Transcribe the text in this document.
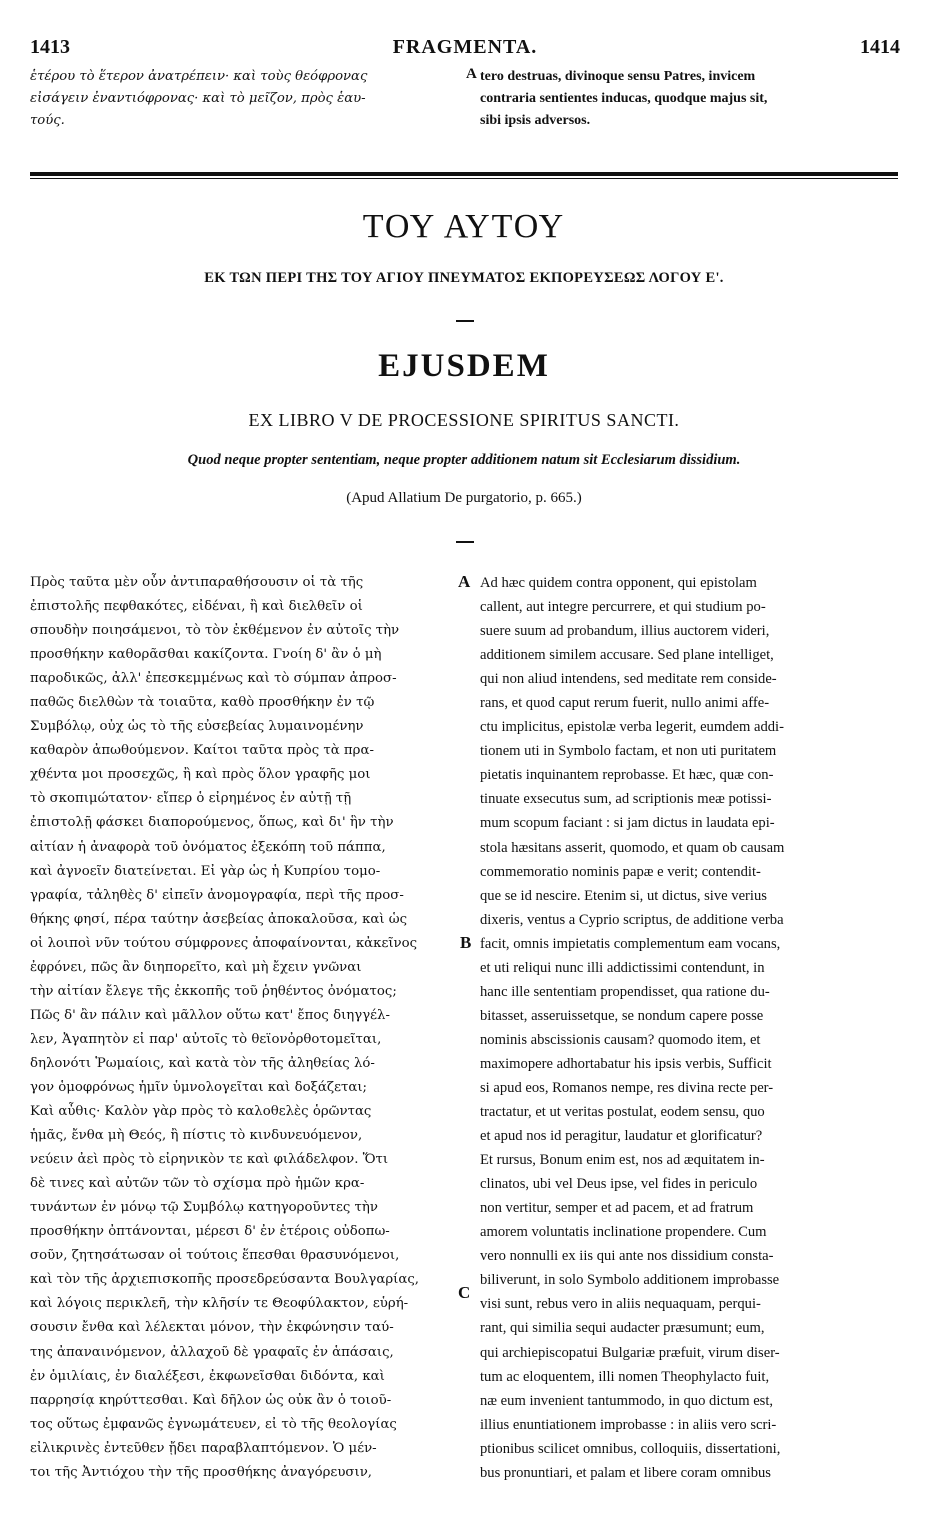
1413	FRAGMENTA.	1414
ἑτέρου τὸ ἕτερον ἀνατρέπειν· καὶ τοὺς θεόφρονας
εἰσάγειν ἐναντιόφρονας· καὶ τὸ μεῖζον, πρὸς ἑαυ-
τούς.
A tero destruas, divinoque sensu Patres, invicem
contraria sentientes inducas, quodque majus sit,
sibi ipsis adversos.
ΤΟΥ ΑΥΤΟΥ
ΕΚ ΤΩΝ ΠΕΡΙ ΤΗΣ ΤΟΥ ΑΓΙΟΥ ΠΝΕΥΜΑΤΟΣ ΕΚΠΟΡΕΥΣΕΩΣ ΛΟΓΟΥ Ε'.
EJUSDEM
EX LIBRO V DE PROCESSIONE SPIRITUS SANCTI.
Quod neque propter sententiam, neque propter additionem natum sit Ecclesiarum dissidium.
(Apud Allatium De purgatorio, p. 665.)
Πρὸς ταῦτα μὲν οὖν ἀντιπαραθήσουσιν οἱ τὰ τῆς
ἐπιστολῆς πεφθακότες, εἰδέναι, ἢ καὶ διελθεῖν οἱ
σπουδὴν ποιησάμενοι, τὸ τὸν ἐκθέμενον ἐν αὐτοῖς τὴν
προσθήκην καθορᾶσθαι κακίζοντα. Γνοίη δ' ἂν ὁ μὴ
παροδικῶς, ἀλλ' ἐπεσκεμμένως καὶ τὸ σύμπαν ἀπροσ-
παθῶς διελθὼν τὰ τοιαῦτα, καθὸ προσθήκην ἐν τῷ
Συμβόλῳ, οὐχ ὡς τὸ τῆς εὐσεβείας λυμαινομένην
καθαρὸν ἀπωθούμενον. Καίτοι ταῦτα πρὸς τὰ πρα-
χθέντα μοι προσεχῶς, ἢ καὶ πρὸς ὅλον γραφῆς μοι
τὸ σκοπιμώτατον· εἴπερ ὁ εἰρημένος ἐν αὐτῇ τῇ
ἐπιστολῇ φάσκει διαπορούμενος, ὅπως, καὶ δι' ἣν τὴν
αἰτίαν ἡ ἀναφορὰ τοῦ ὀνόματος ἐξεκόπη τοῦ πάππα,
καὶ ἀγνοεῖν διατείνεται. Εἰ γὰρ ὡς ἡ Κυπρίου τομο-
γραφία, τἀληθὲς δ' εἰπεῖν ἀνομογραφία, περὶ τῆς προσ-
θήκης φησί, πέρα ταύτην ἀσεβείας ἀποκαλοῦσα, καὶ ὡς
οἱ λοιποὶ νῦν τούτου σύμφρονες ἀποφαίνονται, κἀκεῖνος
ἐφρόνει, πῶς ἂν διηπορεῖτο, καὶ μὴ ἔχειν γνῶναι
τὴν αἰτίαν ἔλεγε τῆς ἐκκοπῆς τοῦ ῥηθέντος ὀνόματος;
Πῶς δ' ἂν πάλιν καὶ μᾶλλον οὕτω κατ' ἔπος διηγγέλ-
λεν, Ἀγαπητὸν εἰ παρ' αὐτοῖς τὸ θεϊονὀρθοτομεῖται,
δηλονότι Ῥωμαίοις, καὶ κατὰ τὸν τῆς ἀληθείας λό-
γον ὁμοφρόνως ἡμῖν ὑμνολογεῖται καὶ δοξάζεται;
Καὶ αὖθις· Καλὸν γὰρ πρὸς τὸ καλοθελὲς ὁρῶντας
ἡμᾶς, ἔνθα μὴ Θεός, ἢ πίστις τὸ κινδυνευόμενον,
νεύειν ἀεὶ πρὸς τὸ εἰρηνικὸν τε καὶ φιλάδελφον. Ὅτι
δὲ τινες καὶ αὐτῶν τῶν τὸ σχίσμα πρὸ ἡμῶν κρα-
τυνάντων ἐν μόνῳ τῷ Συμβόλῳ κατηγοροῦντες τὴν
προσθήκην ὀπτάνονται, μέρεσι δ' ἐν ἑτέροις οὐδοπω-
σοῦν, ζητησάτωσαν οἱ τούτοις ἕπεσθαι θρασυνόμενοι,
καὶ τὸν τῆς ἀρχιεπισκοπῆς προσεδρεύσαντα Βουλγαρίας,
καὶ λόγοις περικλεῆ, τὴν κλῆσίν τε Θεοφύλακτον, εὑρή-
σουσιν ἔνθα καὶ λέλεκται μόνον, τὴν ἐκφώνησιν ταύ-
της ἀπαναινόμενον, ἀλλαχοῦ δὲ γραφαῖς ἐν ἁπάσαις,
ἐν ὁμιλίαις, ἐν διαλέξεσι, ἐκφωνεῖσθαι διδόντα, καὶ
παρρησίᾳ κηρύττεσθαι. Καὶ δῆλον ὡς οὐκ ἂν ὁ τοιοῦ-
τος οὕτως ἐμφανῶς ἐγνωμάτευεν, εἰ τὸ τῆς θεολογίας
εἰλικρινὲς ἐντεῦθεν ᾔδει παραβλαπτόμενον. Ὁ μέν-
τοι τῆς Ἀντιόχου τὴν τῆς προσθήκης ἀναγόρευσιν,
Ad hæc quidem contra opponent, qui epistolam
callent, aut integre percurrere, et qui studium po-
suere suum ad probandum, illius auctorem videri,
additionem similem accusare. Sed plane intelliget,
qui non aliud intendens, sed meditate rem conside-
rans, et quod caput rerum fuerit, nullo animi affe-
ctu implicitus, epistolæ verba legerit, eumdem addi-
tionem uti in Symbolo factam, et non uti puritatem
pietatis inquinantem reprobasse. Et hæc, quæ con-
tinuate exsecutus sum, ad scriptionis meæ potissi-
mum scopum faciant : si jam dictus in laudata epi-
stola hæsitans asserit, quomodo, et quam ob causam
commemoratio nominis papæ e verit; contendit-
que se id nescire. Etenim si, ut dictus, sive verius
dixeris, ventus a Cyprio scriptus, de additione verba
facit, omnis impietatis complementum eam vocans,
et uti reliqui nunc illi addictissimi contendunt, in
hanc ille sententiam propendisset, qua ratione du-
bitasset, asseruissetque, se nondum capere posse
nominis abscissionis causam? quomodo item, et
maximopere adhortabatur his ipsis verbis, Sufficit
si apud eos, Romanos nempe, res divina recte per-
tractatur, et ut veritas postulat, eodem sensu, quo
et apud nos id peragitur, laudatur et glorificatur?
Et rursus, Bonum enim est, nos ad æquitatem in-
clinatos, ubi vel Deus ipse, vel fides in periculo
non vertitur, semper et ad pacem, et ad fratrum
amorem voluntatis inclinatione propendere. Cum
vero nonnulli ex iis qui ante nos dissidium consta-
biliverunt, in solo Symbolo additionem improbasse
visi sunt, rebus vero in aliis nequaquam, perqui-
rant, qui similia sequi audacter præsumunt; eum,
qui archiepiscopatui Bulgariæ præfuit, virum diser-
tum ac eloquentem, illi nomen Theophylacto fuit,
næ eum invenient tantummodo, in quo dictum est,
illius enuntiationem improbasse : in aliis vero scri-
ptionibus scilicet omnibus, colloquiis, dissertationi,
bus pronuntiari, et palam et libere coram omnibus
A
B
C
